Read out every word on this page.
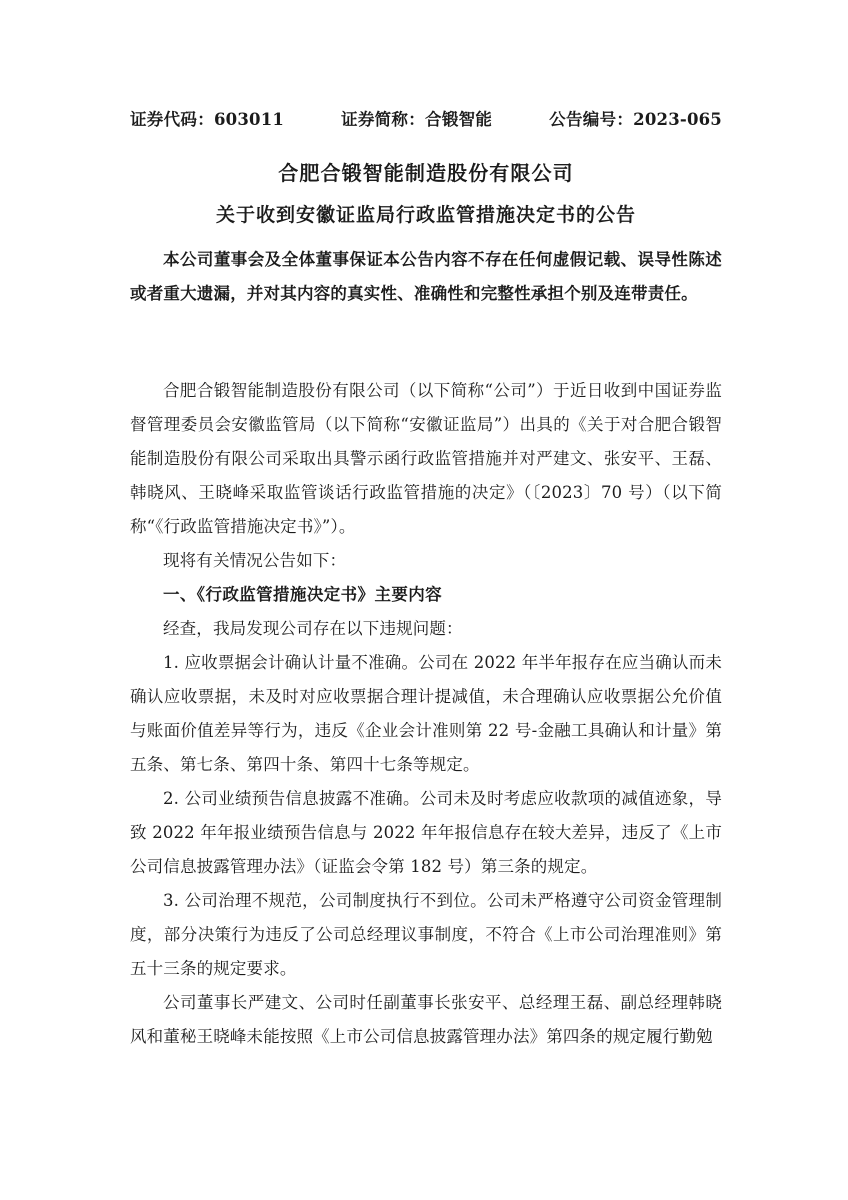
证券代码：603011	证券简称：合锻智能	公告编号：2023-065
合肥合锻智能制造股份有限公司
关于收到安徽证监局行政监管措施决定书的公告
本公司董事会及全体董事保证本公告内容不存在任何虚假记载、误导性陈述或者重大遗漏，并对其内容的真实性、准确性和完整性承担个别及连带责任。

合肥合锻智能制造股份有限公司（以下简称“公司”）于近日收到中国证券监督管理委员会安徽监管局（以下简称“安徽证监局”）出具的《关于对合肥合锻智能制造股份有限公司采取出具警示函行政监管措施并对严建文、张安平、王磊、韩晓风、王晓峰采取监管谈话行政监管措施的决定》（〔2023〕70 号）（以下简称“《行政监管措施决定书》”）。

现将有关情况公告如下：

一、《行政监管措施决定书》主要内容

经查，我局发现公司存在以下违规问题：

1. 应收票据会计确认计量不准确。公司在 2022 年半年报存在应当确认而未确认应收票据，未及时对应收票据合理计提减值，未合理确认应收票据公允价值与账面价值差异等行为，违反《企业会计准则第 22 号-金融工具确认和计量》第五条、第七条、第四十条、第四十七条等规定。

2. 公司业绩预告信息披露不准确。公司未及时考虑应收款项的减值迹象，导致 2022 年年报业绩预告信息与 2022 年年报信息存在较大差异，违反了《上市公司信息披露管理办法》（证监会令第 182 号）第三条的规定。

3. 公司治理不规范，公司制度执行不到位。公司未严格遵守公司资金管理制度，部分决策行为违反了公司总经理议事制度，不符合《上市公司治理准则》第五十三条的规定要求。

公司董事长严建文、公司时任副董事长张安平、总经理王磊、副总经理韩晓风和董秘王晓峰未能按照《上市公司信息披露管理办法》第四条的规定履行勤勉
